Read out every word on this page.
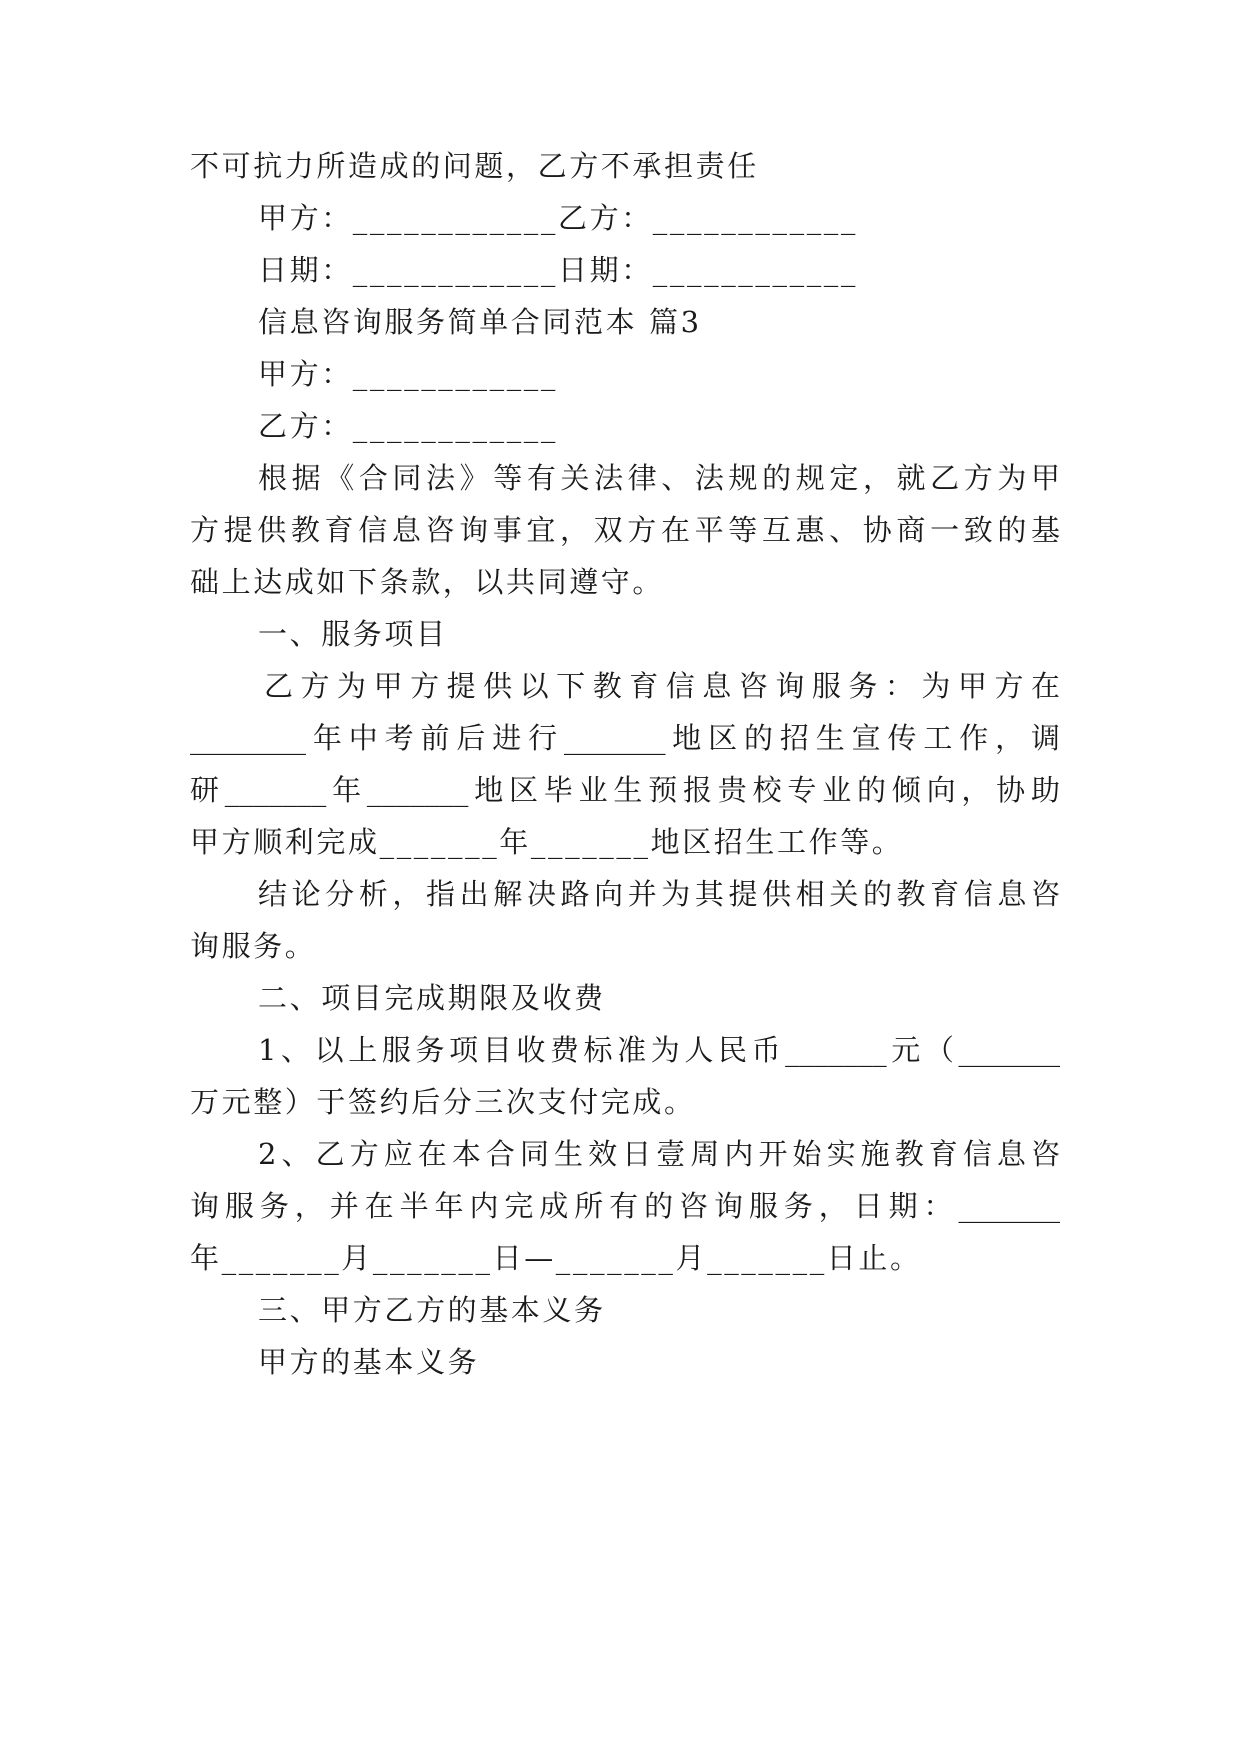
不可抗力所造成的问题，乙方不承担责任
甲方：____________乙方：____________
日期：____________日期：____________
信息咨询服务简单合同范本 篇3
甲方：____________
乙方：____________
根据《合同法》等有关法律、法规的规定，就乙方为甲
方提供教育信息咨询事宜，双方在平等互惠、协商一致的基
础上达成如下条款，以共同遵守。
一、服务项目
乙方为甲方提供以下教育信息咨询服务：为甲方在
________年中考前后进行_______地区的招生宣传工作，调
研_______年_______地区毕业生预报贵校专业的倾向，协助
甲方顺利完成_______年_______地区招生工作等。
结论分析，指出解决路向并为其提供相关的教育信息咨
询服务。
二、项目完成期限及收费
1、以上服务项目收费标准为人民币_______元（_______
万元整）于签约后分三次支付完成。
2、乙方应在本合同生效日壹周内开始实施教育信息咨
询服务，并在半年内完成所有的咨询服务，日期：_______
年_______月_______日—_______月_______日止。
三、甲方乙方的基本义务
甲方的基本义务
